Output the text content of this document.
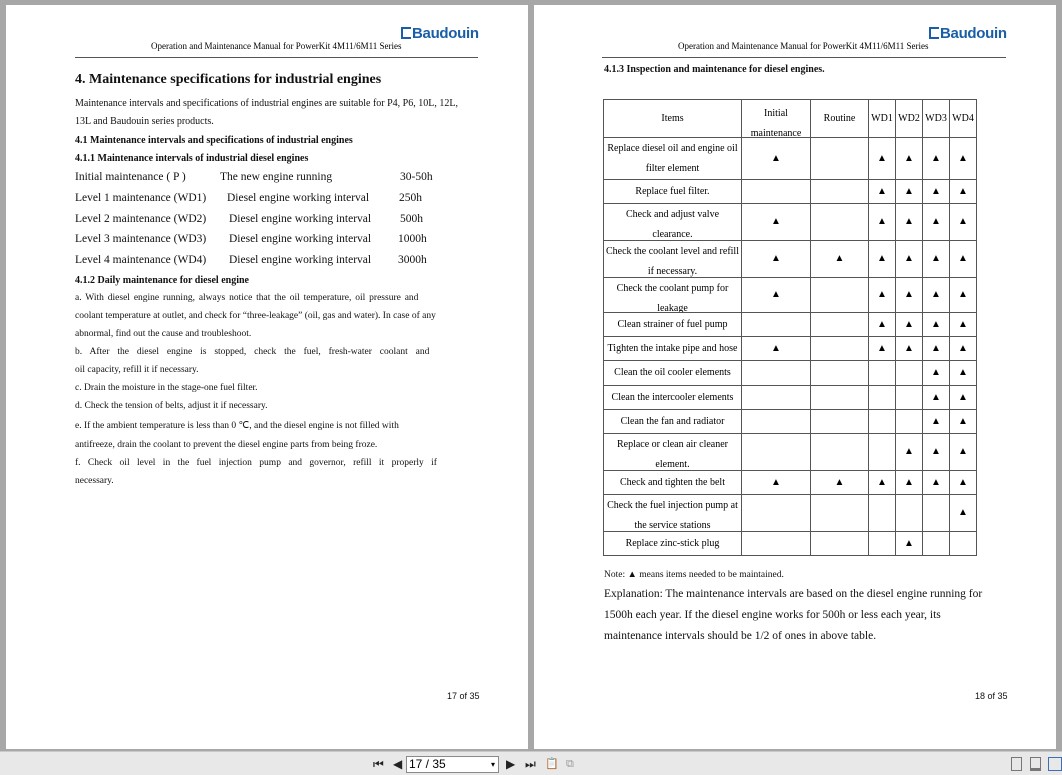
Baudouin
Operation and Maintenance Manual for PowerKit 4M11/6M11 Series
4. Maintenance specifications for industrial engines
Maintenance intervals and specifications of industrial engines are suitable for P4, P6, 10L, 12L,
13L and Baudouin series products.
4.1 Maintenance intervals and specifications of industrial engines
4.1.1 Maintenance intervals of industrial diesel engines
Initial maintenance ( P )	The new engine running	30-50h
Level 1 maintenance (WD1) Diesel engine working interval	250h
Level 2 maintenance (WD2) Diesel engine working interval	500h
Level 3 maintenance (WD3) Diesel engine working interval 1000h
Level 4 maintenance (WD4) Diesel engine working interval 3000h
4.1.2 Daily maintenance for diesel engine
a. With diesel engine running, always notice that the oil temperature, oil pressure and
coolant temperature at outlet, and check for “three-leakage” (oil, gas and water). In case of any
abnormal, find out the cause and troubleshoot.
b. After the diesel engine is stopped, check the fuel, fresh-water coolant and
oil capacity, refill it if necessary.
c. Drain the moisture in the stage-one fuel filter.
d. Check the tension of belts, adjust it if necessary.
e. If the ambient temperature is less than 0 ℃, and the diesel engine is not filled with
antifreeze, drain the coolant to prevent the diesel engine parts from being froze.
f. Check oil level in the fuel injection pump and governor, refill it properly if
necessary.
17 of 35
Baudouin
Operation and Maintenance Manual for PowerKit 4M11/6M11 Series
4.1.3 Inspection and maintenance for diesel engines.
Items	Initial maintenance	Routine	WD1	WD2	WD3	WD4

Replace diesel oil and engine oil filter element	▲		▲	▲	▲	▲

Replace fuel filter.			▲	▲	▲	▲

Check and adjust valve clearance.	▲		▲	▲	▲	▲

Check the coolant level and refill if necessary.	▲	▲	▲	▲	▲	▲

Check the coolant pump for leakage	▲		▲	▲	▲	▲

Clean strainer of fuel pump			▲	▲	▲	▲

Tighten the intake pipe and hose	▲		▲	▲	▲	▲

Clean the oil cooler elements					▲	▲

Clean the intercooler elements					▲	▲

Clean the fan and radiator					▲	▲

Replace or clean air cleaner element.				▲	▲	▲

Check and tighten the belt	▲	▲	▲	▲	▲	▲

Check the fuel injection pump at the service stations						▲

Replace zinc-stick plug				▲		
Note: ▲ means items needed to be maintained.
Explanation: The maintenance intervals are based on the diesel engine running for
1500h each year. If the diesel engine works for 500h or less each year, its
maintenance intervals should be 1/2 of ones in above table.
18 of 35
⏮ ◀ 17 / 35	▾ ▶ ⏭ 📋 ⧉
